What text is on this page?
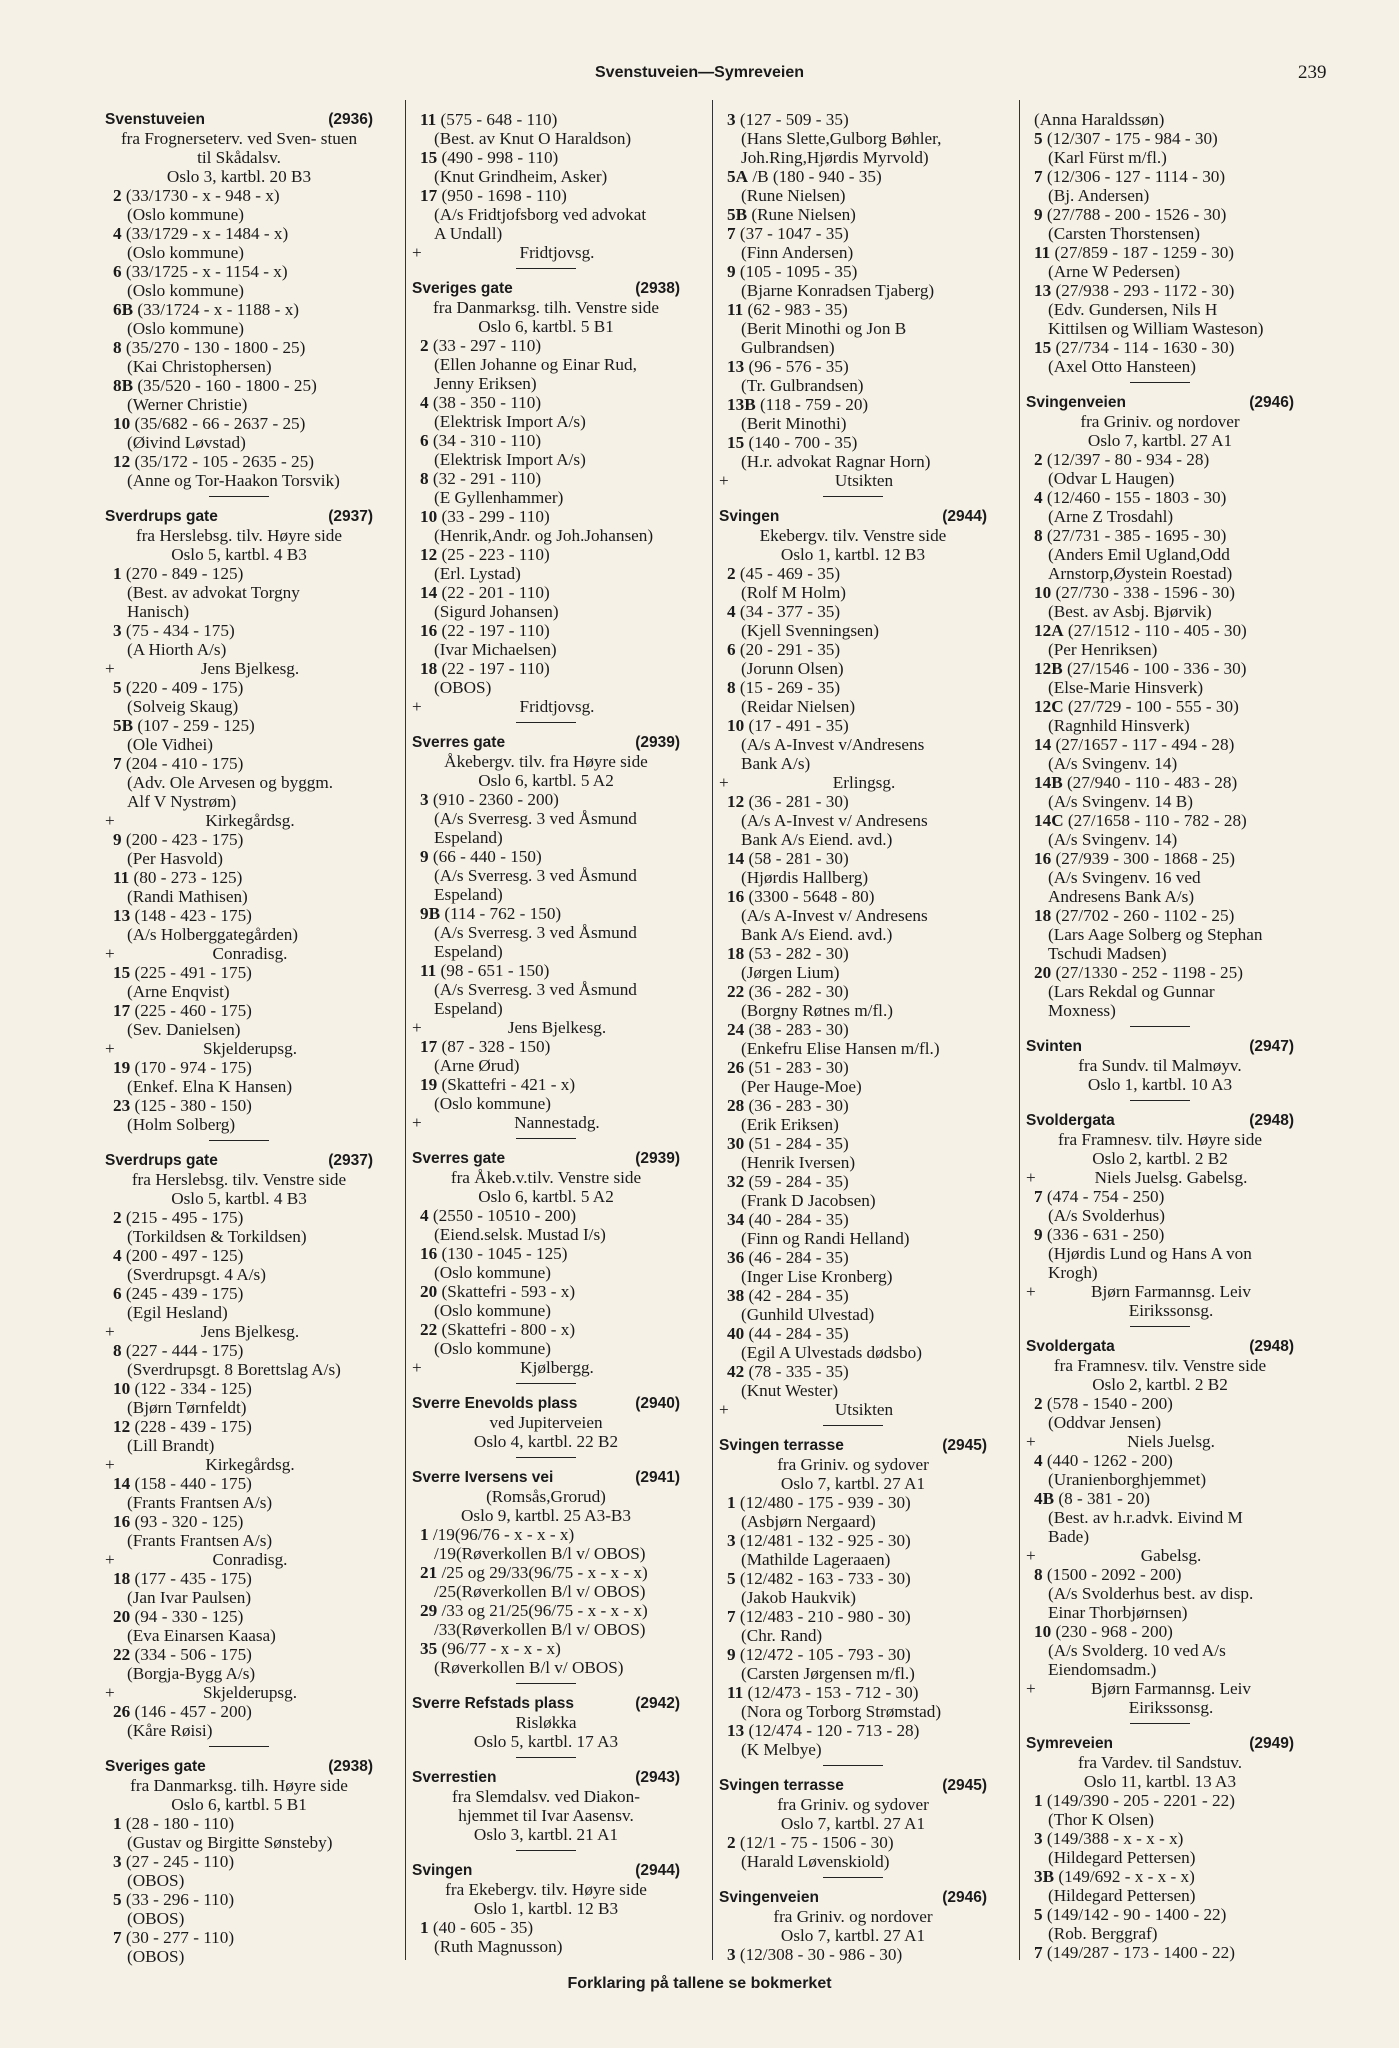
Svenstuveien—Symreveien	239
Svenstuveien	(2936)
fra Frognerseterv. ved Sven- stuen
til Skådalsv.
Oslo 3, kartbl. 20 B3
2 (33/1730 - x - 948 - x)
(Oslo kommune)
4 (33/1729 - x - 1484 - x)
(Oslo kommune)
6 (33/1725 - x - 1154 - x)
(Oslo kommune)
6B (33/1724 - x - 1188 - x)
(Oslo kommune)
8 (35/270 - 130 - 1800 - 25)
(Kai Christophersen)
8B (35/520 - 160 - 1800 - 25)
(Werner Christie)
10 (35/682 - 66 - 2637 - 25)
(Øivind Løvstad)
12 (35/172 - 105 - 2635 - 25)
(Anne og Tor-Haakon Torsvik)
Sverdrups gate	(2937)
fra Herslebsg. tilv. Høyre side
Oslo 5, kartbl. 4 B3
1 (270 - 849 - 125)
(Best. av advokat Torgny
Hanisch)
3 (75 - 434 - 175)
(A Hiorth A/s)
+	Jens Bjelkesg.
5 (220 - 409 - 175)
(Solveig Skaug)
5B (107 - 259 - 125)
(Ole Vidhei)
7 (204 - 410 - 175)
(Adv. Ole Arvesen og byggm.
Alf V Nystrøm)
+	Kirkegårdsg.
9 (200 - 423 - 175)
(Per Hasvold)
11 (80 - 273 - 125)
(Randi Mathisen)
13 (148 - 423 - 175)
(A/s Holberggategården)
+	Conradisg.
15 (225 - 491 - 175)
(Arne Enqvist)
17 (225 - 460 - 175)
(Sev. Danielsen)
+	Skjelderupsg.
19 (170 - 974 - 175)
(Enkef. Elna K Hansen)
23 (125 - 380 - 150)
(Holm Solberg)
Sverdrups gate	(2937)
fra Herslebsg. tilv. Venstre side
Oslo 5, kartbl. 4 B3
2 (215 - 495 - 175)
(Torkildsen & Torkildsen)
4 (200 - 497 - 125)
(Sverdrupsgt. 4 A/s)
6 (245 - 439 - 175)
(Egil Hesland)
+	Jens Bjelkesg.
8 (227 - 444 - 175)
(Sverdrupsgt. 8 Borettslag A/s)
10 (122 - 334 - 125)
(Bjørn Tørnfeldt)
12 (228 - 439 - 175)
(Lill Brandt)
+	Kirkegårdsg.
14 (158 - 440 - 175)
(Frants Frantsen A/s)
16 (93 - 320 - 125)
(Frants Frantsen A/s)
+	Conradisg.
18 (177 - 435 - 175)
(Jan Ivar Paulsen)
20 (94 - 330 - 125)
(Eva Einarsen Kaasa)
22 (334 - 506 - 175)
(Borgja-Bygg A/s)
+	Skjelderupsg.
26 (146 - 457 - 200)
(Kåre Røisi)
Sveriges gate	(2938)
fra Danmarksg. tilh. Høyre side
Oslo 6, kartbl. 5 B1
1 (28 - 180 - 110)
(Gustav og Birgitte Sønsteby)
3 (27 - 245 - 110)
(OBOS)
5 (33 - 296 - 110)
(OBOS)
7 (30 - 277 - 110)
(OBOS)
11 (575 - 648 - 110)
(Best. av Knut O Haraldson)
15 (490 - 998 - 110)
(Knut Grindheim, Asker)
17 (950 - 1698 - 110)
(A/s Fridtjofsborg ved advokat
A Undall)
+	Fridtjovsg.
Sveriges gate	(2938)
fra Danmarksg. tilh. Venstre side
Oslo 6, kartbl. 5 B1
2 (33 - 297 - 110)
(Ellen Johanne og Einar Rud,
Jenny Eriksen)
4 (38 - 350 - 110)
(Elektrisk Import A/s)
6 (34 - 310 - 110)
(Elektrisk Import A/s)
8 (32 - 291 - 110)
(E Gyllenhammer)
10 (33 - 299 - 110)
(Henrik,Andr. og Joh.Johansen)
12 (25 - 223 - 110)
(Erl. Lystad)
14 (22 - 201 - 110)
(Sigurd Johansen)
16 (22 - 197 - 110)
(Ivar Michaelsen)
18 (22 - 197 - 110)
(OBOS)
+	Fridtjovsg.
Sverres gate	(2939)
Åkebergv. tilv. fra Høyre side
Oslo 6, kartbl. 5 A2
3 (910 - 2360 - 200)
(A/s Sverresg. 3 ved Åsmund
Espeland)
9 (66 - 440 - 150)
(A/s Sverresg. 3 ved Åsmund
Espeland)
9B (114 - 762 - 150)
(A/s Sverresg. 3 ved Åsmund
Espeland)
11 (98 - 651 - 150)
(A/s Sverresg. 3 ved Åsmund
Espeland)
+	Jens Bjelkesg.
17 (87 - 328 - 150)
(Arne Ørud)
19 (Skattefri - 421 - x)
(Oslo kommune)
+	Nannestadg.
Sverres gate	(2939)
fra Åkeb.v.tilv. Venstre side
Oslo 6, kartbl. 5 A2
4 (2550 - 10510 - 200)
(Eiend.selsk. Mustad I/s)
16 (130 - 1045 - 125)
(Oslo kommune)
20 (Skattefri - 593 - x)
(Oslo kommune)
22 (Skattefri - 800 - x)
(Oslo kommune)
+	Kjølbergg.
Sverre Enevolds plass	(2940)
ved Jupiterveien
Oslo 4, kartbl. 22 B2
Sverre Iversens vei	(2941)
(Romsås,Grorud)
Oslo 9, kartbl. 25 A3-B3
1 /19(96/76 - x - x - x)
/19(Røverkollen B/l v/ OBOS)
21 /25 og 29/33(96/75 - x - x - x)
/25(Røverkollen B/l v/ OBOS)
29 /33 og 21/25(96/75 - x - x - x)
/33(Røverkollen B/l v/ OBOS)
35 (96/77 - x - x - x)
(Røverkollen B/l v/ OBOS)
Sverre Refstads plass	(2942)
Risløkka
Oslo 5, kartbl. 17 A3
Sverrestien	(2943)
fra Slemdalsv. ved Diakon-
hjemmet til Ivar Aasensv.
Oslo 3, kartbl. 21 A1
Svingen	(2944)
fra Ekebergv. tilv. Høyre side
Oslo 1, kartbl. 12 B3
1 (40 - 605 - 35)
(Ruth Magnusson)
3 (127 - 509 - 35)
(Hans Slette,Gulborg Bøhler,
Joh.Ring,Hjørdis Myrvold)
5A /B (180 - 940 - 35)
(Rune Nielsen)
5B (Rune Nielsen)
7 (37 - 1047 - 35)
(Finn Andersen)
9 (105 - 1095 - 35)
(Bjarne Konradsen Tjaberg)
11 (62 - 983 - 35)
(Berit Minothi og Jon B
Gulbrandsen)
13 (96 - 576 - 35)
(Tr. Gulbrandsen)
13B (118 - 759 - 20)
(Berit Minothi)
15 (140 - 700 - 35)
(H.r. advokat Ragnar Horn)
+	Utsikten
Svingen	(2944)
Ekebergv. tilv. Venstre side
Oslo 1, kartbl. 12 B3
2 (45 - 469 - 35)
(Rolf M Holm)
4 (34 - 377 - 35)
(Kjell Svenningsen)
6 (20 - 291 - 35)
(Jorunn Olsen)
8 (15 - 269 - 35)
(Reidar Nielsen)
10 (17 - 491 - 35)
(A/s A-Invest v/Andresens
Bank A/s)
+	Erlingsg.
12 (36 - 281 - 30)
(A/s A-Invest v/ Andresens
Bank A/s Eiend. avd.)
14 (58 - 281 - 30)
(Hjørdis Hallberg)
16 (3300 - 5648 - 80)
(A/s A-Invest v/ Andresens
Bank A/s Eiend. avd.)
18 (53 - 282 - 30)
(Jørgen Lium)
22 (36 - 282 - 30)
(Borgny Røtnes m/fl.)
24 (38 - 283 - 30)
(Enkefru Elise Hansen m/fl.)
26 (51 - 283 - 30)
(Per Hauge-Moe)
28 (36 - 283 - 30)
(Erik Eriksen)
30 (51 - 284 - 35)
(Henrik Iversen)
32 (59 - 284 - 35)
(Frank D Jacobsen)
34 (40 - 284 - 35)
(Finn og Randi Helland)
36 (46 - 284 - 35)
(Inger Lise Kronberg)
38 (42 - 284 - 35)
(Gunhild Ulvestad)
40 (44 - 284 - 35)
(Egil A Ulvestads dødsbo)
42 (78 - 335 - 35)
(Knut Wester)
+	Utsikten
Svingen terrasse	(2945)
fra Griniv. og sydover
Oslo 7, kartbl. 27 A1
1 (12/480 - 175 - 939 - 30)
(Asbjørn Nergaard)
3 (12/481 - 132 - 925 - 30)
(Mathilde Lageraaen)
5 (12/482 - 163 - 733 - 30)
(Jakob Haukvik)
7 (12/483 - 210 - 980 - 30)
(Chr. Rand)
9 (12/472 - 105 - 793 - 30)
(Carsten Jørgensen m/fl.)
11 (12/473 - 153 - 712 - 30)
(Nora og Torborg Strømstad)
13 (12/474 - 120 - 713 - 28)
(K Melbye)
Svingen terrasse	(2945)
fra Griniv. og sydover
Oslo 7, kartbl. 27 A1
2 (12/1 - 75 - 1506 - 30)
(Harald Løvenskiold)
Svingenveien	(2946)
fra Griniv. og nordover
Oslo 7, kartbl. 27 A1
3 (12/308 - 30 - 986 - 30)
(Anna Haraldssøn)
5 (12/307 - 175 - 984 - 30)
(Karl Fürst m/fl.)
7 (12/306 - 127 - 1114 - 30)
(Bj. Andersen)
9 (27/788 - 200 - 1526 - 30)
(Carsten Thorstensen)
11 (27/859 - 187 - 1259 - 30)
(Arne W Pedersen)
13 (27/938 - 293 - 1172 - 30)
(Edv. Gundersen, Nils H
Kittilsen og William Wasteson)
15 (27/734 - 114 - 1630 - 30)
(Axel Otto Hansteen)
Svingenveien	(2946)
fra Griniv. og nordover
Oslo 7, kartbl. 27 A1
2 (12/397 - 80 - 934 - 28)
(Odvar L Haugen)
4 (12/460 - 155 - 1803 - 30)
(Arne Z Trosdahl)
8 (27/731 - 385 - 1695 - 30)
(Anders Emil Ugland,Odd
Arnstorp,Øystein Roestad)
10 (27/730 - 338 - 1596 - 30)
(Best. av Asbj. Bjørvik)
12A (27/1512 - 110 - 405 - 30)
(Per Henriksen)
12B (27/1546 - 100 - 336 - 30)
(Else-Marie Hinsverk)
12C (27/729 - 100 - 555 - 30)
(Ragnhild Hinsverk)
14 (27/1657 - 117 - 494 - 28)
(A/s Svingenv. 14)
14B (27/940 - 110 - 483 - 28)
(A/s Svingenv. 14 B)
14C (27/1658 - 110 - 782 - 28)
(A/s Svingenv. 14)
16 (27/939 - 300 - 1868 - 25)
(A/s Svingenv. 16 ved
Andresens Bank A/s)
18 (27/702 - 260 - 1102 - 25)
(Lars Aage Solberg og Stephan
Tschudi Madsen)
20 (27/1330 - 252 - 1198 - 25)
(Lars Rekdal og Gunnar
Moxness)
Svinten	(2947)
fra Sundv. til Malmøyv.
Oslo 1, kartbl. 10 A3
Svoldergata	(2948)
fra Framnesv. tilv. Høyre side
Oslo 2, kartbl. 2 B2
+	Niels Juelsg. Gabelsg.
7 (474 - 754 - 250)
(A/s Svolderhus)
9 (336 - 631 - 250)
(Hjørdis Lund og Hans A von
Krogh)
+	Bjørn Farmannsg. Leiv
Eirikssonsg.
Svoldergata	(2948)
fra Framnesv. tilv. Venstre side
Oslo 2, kartbl. 2 B2
2 (578 - 1540 - 200)
(Oddvar Jensen)
+	Niels Juelsg.
4 (440 - 1262 - 200)
(Uranienborghjemmet)
4B (8 - 381 - 20)
(Best. av h.r.advk. Eivind M
Bade)
+	Gabelsg.
8 (1500 - 2092 - 200)
(A/s Svolderhus best. av disp.
Einar Thorbjørnsen)
10 (230 - 968 - 200)
(A/s Svolderg. 10 ved A/s
Eiendomsadm.)
+	Bjørn Farmannsg. Leiv
Eirikssonsg.
Symreveien	(2949)
fra Vardev. til Sandstuv.
Oslo 11, kartbl. 13 A3
1 (149/390 - 205 - 2201 - 22)
(Thor K Olsen)
3 (149/388 - x - x - x)
(Hildegard Pettersen)
3B (149/692 - x - x - x)
(Hildegard Pettersen)
5 (149/142 - 90 - 1400 - 22)
(Rob. Berggraf)
7 (149/287 - 173 - 1400 - 22)
Forklaring på tallene se bokmerket
